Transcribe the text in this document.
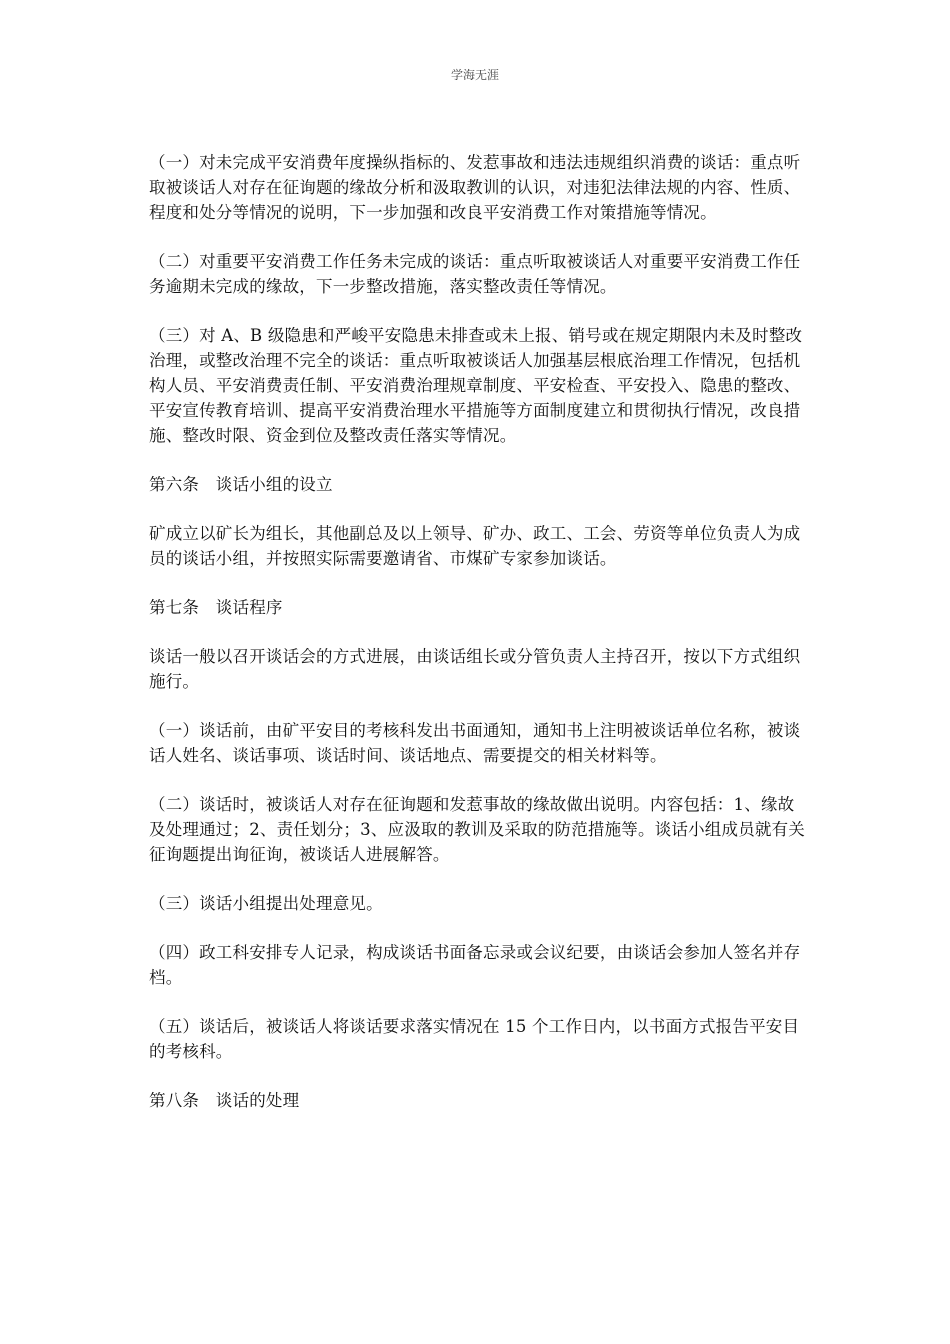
学海无涯

（一）对未完成平安消费年度操纵指标的、发惹事故和违法违规组织消费的谈话：重点听取被谈话人对存在征询题的缘故分析和汲取教训的认识，对违犯法律法规的内容、性质、程度和处分等情况的说明，下一步加强和改良平安消费工作对策措施等情况。

（二）对重要平安消费工作任务未完成的谈话：重点听取被谈话人对重要平安消费工作任务逾期未完成的缘故，下一步整改措施，落实整改责任等情况。

（三）对 A、B 级隐患和严峻平安隐患未排查或未上报、销号或在规定期限内未及时整改治理，或整改治理不完全的谈话：重点听取被谈话人加强基层根底治理工作情况，包括机构人员、平安消费责任制、平安消费治理规章制度、平安检查、平安投入、隐患的整改、平安宣传教育培训、提高平安消费治理水平措施等方面制度建立和贯彻执行情况，改良措施、整改时限、资金到位及整改责任落实等情况。

第六条　谈话小组的设立

矿成立以矿长为组长，其他副总及以上领导、矿办、政工、工会、劳资等单位负责人为成员的谈话小组，并按照实际需要邀请省、市煤矿专家参加谈话。

第七条　谈话程序

谈话一般以召开谈话会的方式进展，由谈话组长或分管负责人主持召开，按以下方式组织施行。

（一）谈话前，由矿平安目的考核科发出书面通知，通知书上注明被谈话单位名称，被谈话人姓名、谈话事项、谈话时间、谈话地点、需要提交的相关材料等。

（二）谈话时，被谈话人对存在征询题和发惹事故的缘故做出说明。内容包括：1、缘故及处理通过；2、责任划分；3、应汲取的教训及采取的防范措施等。谈话小组成员就有关征询题提出询征询，被谈话人进展解答。

（三）谈话小组提出处理意见。

（四）政工科安排专人记录，构成谈话书面备忘录或会议纪要，由谈话会参加人签名并存档。

（五）谈话后，被谈话人将谈话要求落实情况在 15 个工作日内，以书面方式报告平安目的考核科。

第八条　谈话的处理
